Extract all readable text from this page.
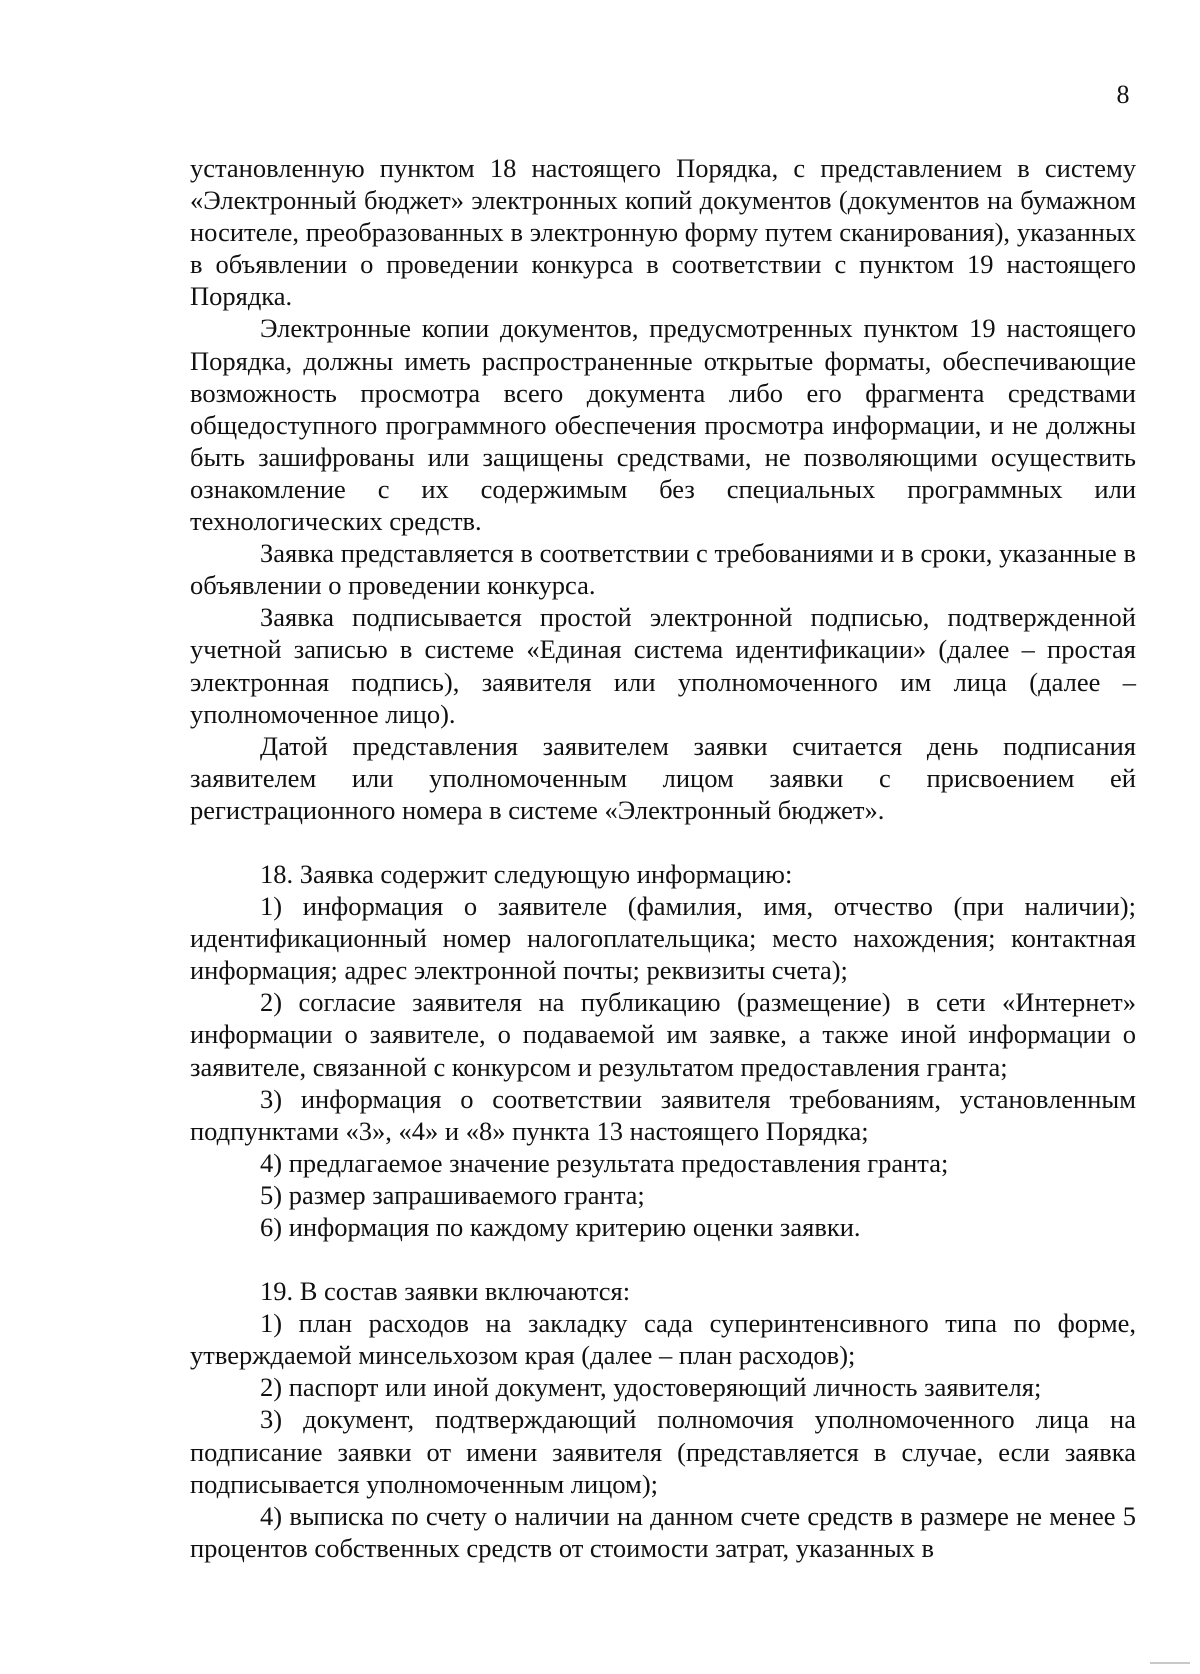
8

установленную пунктом 18 настоящего Порядка, с представлением в систему «Электронный бюджет» электронных копий документов (документов на бумажном носителе, преобразованных в электронную форму путем сканирования), указанных в объявлении о проведении конкурса в соответствии с пунктом 19 настоящего Порядка.

Электронные копии документов, предусмотренных пунктом 19 настоящего Порядка, должны иметь распространенные открытые форматы, обеспечивающие возможность просмотра всего документа либо его фрагмента средствами общедоступного программного обеспечения просмотра информации, и не должны быть зашифрованы или защищены средствами, не позволяющими осуществить ознакомление с их содержимым без специальных программных или технологических средств.

Заявка представляется в соответствии с требованиями и в сроки, указанные в объявлении о проведении конкурса.

Заявка подписывается простой электронной подписью, подтвержденной учетной записью в системе «Единая система идентификации» (далее – простая электронная подпись), заявителя или уполномоченного им лица (далее – уполномоченное лицо).

Датой представления заявителем заявки считается день подписания заявителем или уполномоченным лицом заявки с присвоением ей регистрационного номера в системе «Электронный бюджет».

18. Заявка содержит следующую информацию:

1) информация о заявителе (фамилия, имя, отчество (при наличии); идентификационный номер налогоплательщика; место нахождения; контактная информация; адрес электронной почты; реквизиты счета);

2) согласие заявителя на публикацию (размещение) в сети «Интернет» информации о заявителе, о подаваемой им заявке, а также иной информации о заявителе, связанной с конкурсом и результатом предоставления гранта;

3) информация о соответствии заявителя требованиям, установленным подпунктами «3», «4» и «8» пункта 13 настоящего Порядка;

4) предлагаемое значение результата предоставления гранта;

5) размер запрашиваемого гранта;

6) информация по каждому критерию оценки заявки.

19. В состав заявки включаются:

1) план расходов на закладку сада суперинтенсивного типа по форме, утверждаемой минсельхозом края (далее – план расходов);

2) паспорт или иной документ, удостоверяющий личность заявителя;

3) документ, подтверждающий полномочия уполномоченного лица на подписание заявки от имени заявителя (представляется в случае, если заявка подписывается уполномоченным лицом);

4) выписка по счету о наличии на данном счете средств в размере не менее 5 процентов собственных средств от стоимости затрат, указанных в
